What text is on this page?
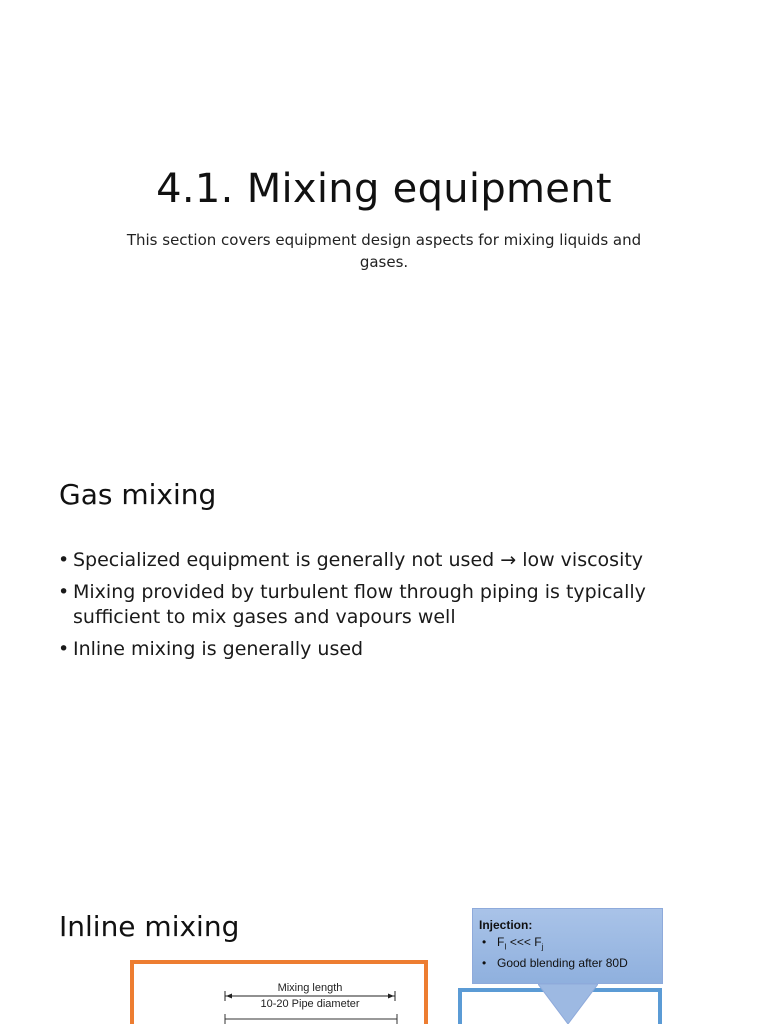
4.1. Mixing equipment

This section covers equipment design aspects for mixing liquids and gases.

Gas mixing
• Specialized equipment is generally not used → low viscosity
• Mixing provided by turbulent flow through piping is typically sufficient to mix gases and vapours well
• Inline mixing is generally used
Inline mixing
Mixing length
10-20 Pipe diameter

Injection:

• $F_I$ <<< $F_j$
• Good blending after 80D
